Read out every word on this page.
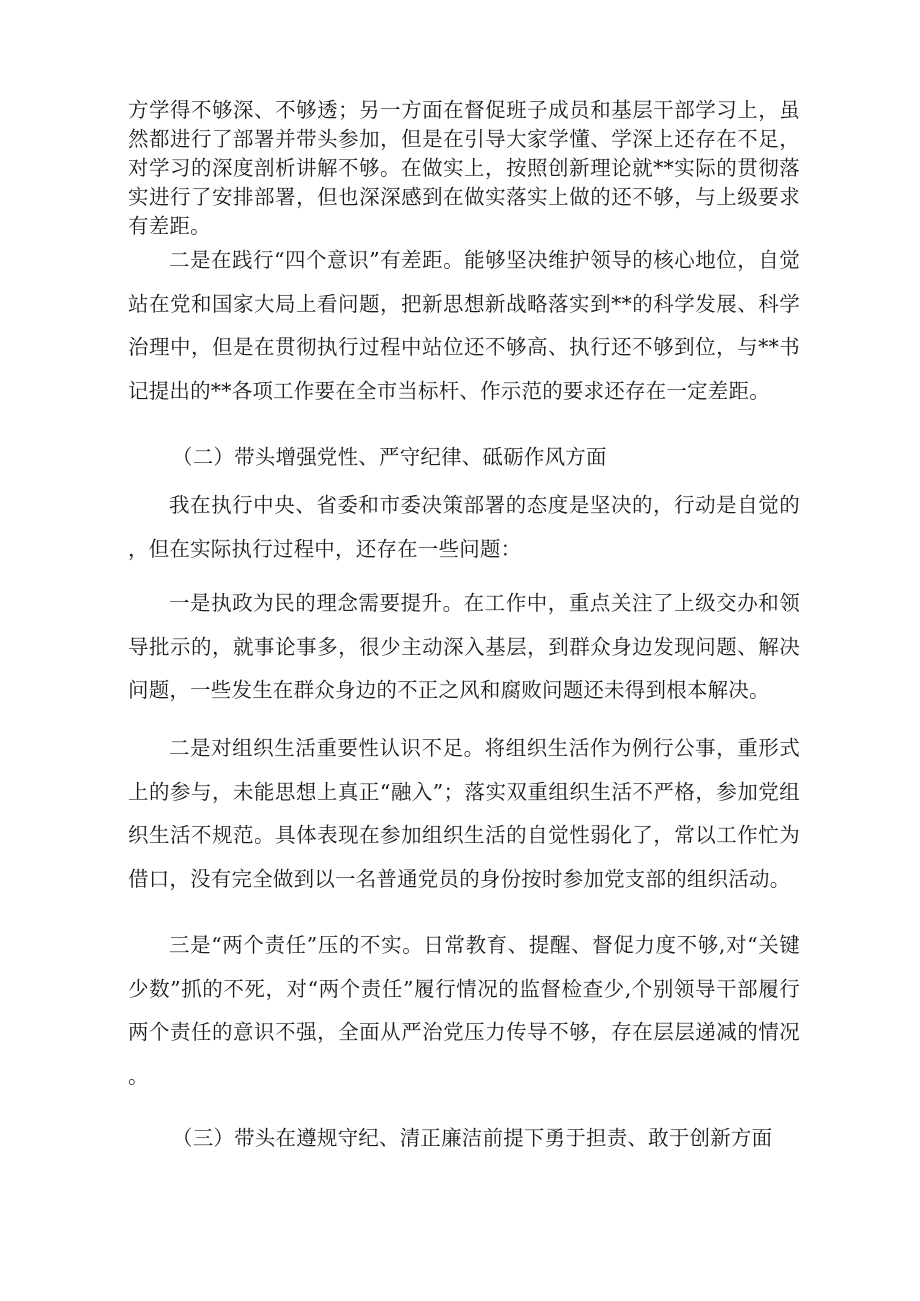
方学得不够深、不够透；另一方面在督促班子成员和基层干部学习上，虽然都进行了部署并带头参加，但是在引导大家学懂、学深上还存在不足，对学习的深度剖析讲解不够。在做实上，按照创新理论就**实际的贯彻落实进行了安排部署，但也深深感到在做实落实上做的还不够，与上级要求有差距。

二是在践行“四个意识”有差距。能够坚决维护领导的核心地位，自觉站在党和国家大局上看问题，把新思想新战略落实到**的科学发展、科学治理中，但是在贯彻执行过程中站位还不够高、执行还不够到位，与**书记提出的**各项工作要在全市当标杆、作示范的要求还存在一定差距。

（二）带头增强党性、严守纪律、砥砺作风方面

我在执行中央、省委和市委决策部署的态度是坚决的，行动是自觉的，但在实际执行过程中，还存在一些问题：

一是执政为民的理念需要提升。在工作中，重点关注了上级交办和领导批示的，就事论事多，很少主动深入基层，到群众身边发现问题、解决问题，一些发生在群众身边的不正之风和腐败问题还未得到根本解决。

二是对组织生活重要性认识不足。将组织生活作为例行公事，重形式上的参与，未能思想上真正“融入”；落实双重组织生活不严格，参加党组织生活不规范。具体表现在参加组织生活的自觉性弱化了，常以工作忙为借口，没有完全做到以一名普通党员的身份按时参加党支部的组织活动。

三是“两个责任”压的不实。日常教育、提醒、督促力度不够,对“关键少数”抓的不死，对“两个责任”履行情况的监督检查少,个别领导干部履行两个责任的意识不强，全面从严治党压力传导不够，存在层层递减的情况。

（三）带头在遵规守纪、清正廉洁前提下勇于担责、敢于创新方面
